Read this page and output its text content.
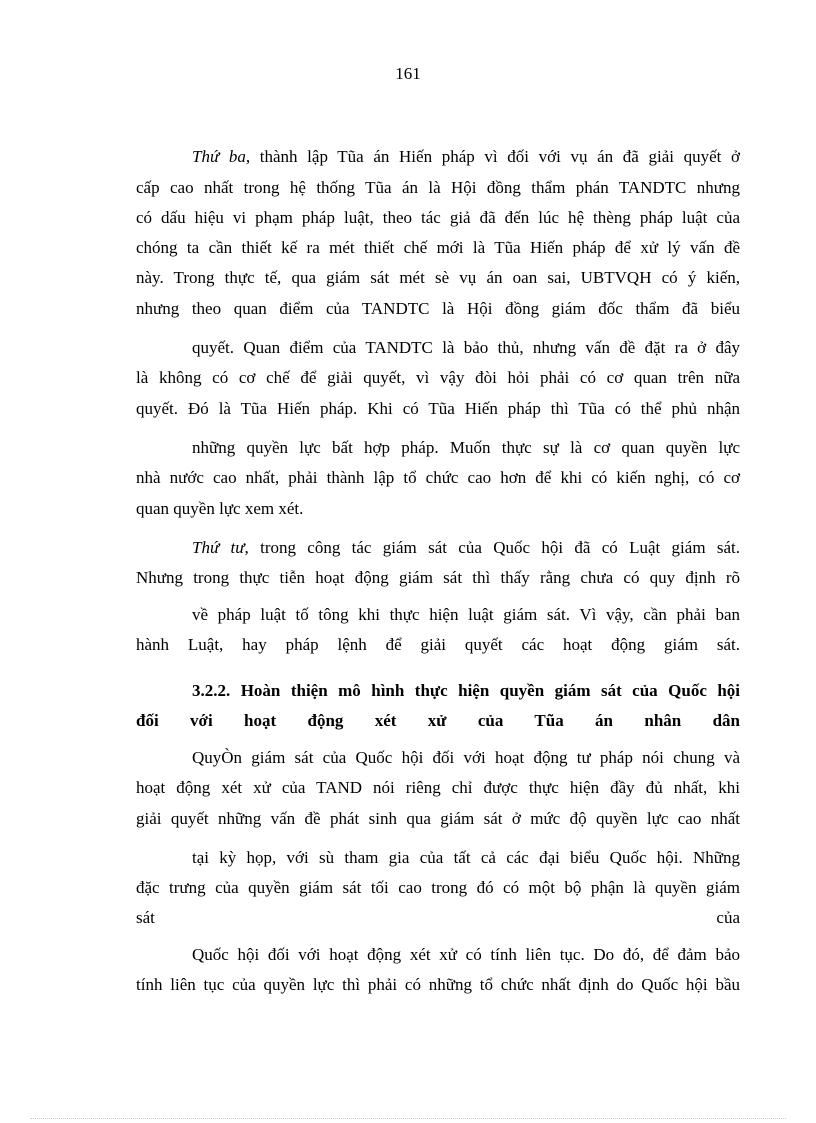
161
Thứ ba, thành lập Tũa án Hiến pháp vì đối với vụ án đã giải quyết ở
cấp cao nhất trong hệ thống Tũa án là Hội đồng thẩm phán TANDTC nhưng
có dấu hiệu vi phạm pháp luật, theo tác giả đã đến lúc hệ thèng pháp luật của
chóng ta cần thiết kế ra mét thiết chế mới là Tũa Hiến pháp để xử lý vấn đề
này. Trong thực tế, qua giám sát mét sè vụ án oan sai, UBTVQH có ý kiến,
nhưng theo quan điểm của TANDTC là Hội đồng giám đốc thẩm đã biểu
quyết. Quan điểm của TANDTC là bảo thủ, nhưng vấn đề đặt ra ở đây
là không có cơ chế để giải quyết, vì vậy đòi hỏi phải có cơ quan trên nữa
quyết. Đó là Tũa Hiến pháp. Khi có Tũa Hiến pháp thì Tũa có thể phủ nhận
những quyền lực bất hợp pháp. Muốn thực sự là cơ quan quyền lực
nhà nước cao nhất, phải thành lập tổ chức cao hơn để khi có kiến nghị, có cơ
quan quyền lực xem xét.
Thứ tư, trong công tác giám sát của Quốc hội đã có Luật giám sát.
Nhưng trong thực tiễn hoạt động giám sát thì thấy rằng chưa có quy định rõ
về pháp luật tố tông khi thực hiện luật giám sát. Vì vậy, cần phải ban
hành Luật, hay pháp lệnh để giải quyết các hoạt động giám sát.
3.2.2. Hoàn thiện mô hình thực hiện quyền giám sát của Quốc hội
đối với hoạt động xét xử của Tũa án nhân dân
QuyÒn giám sát của Quốc hội đối với hoạt động tư pháp nói chung và
hoạt động xét xử của TAND nói riêng chỉ được thực hiện đầy đủ nhất, khi
giải quyết những vấn đề phát sinh qua giám sát ở mức độ quyền lực cao nhất
tại kỳ họp, với sù tham gia của tất cả các đại biểu Quốc hội. Những
đặc trưng của quyền giám sát tối cao trong đó có một bộ phận là quyền giám
sát	của
Quốc hội đối với hoạt động xét xử có tính liên tục. Do đó, để đảm bảo
tính liên tục của quyền lực thì phải có những tổ chức nhất định do Quốc hội bầu
